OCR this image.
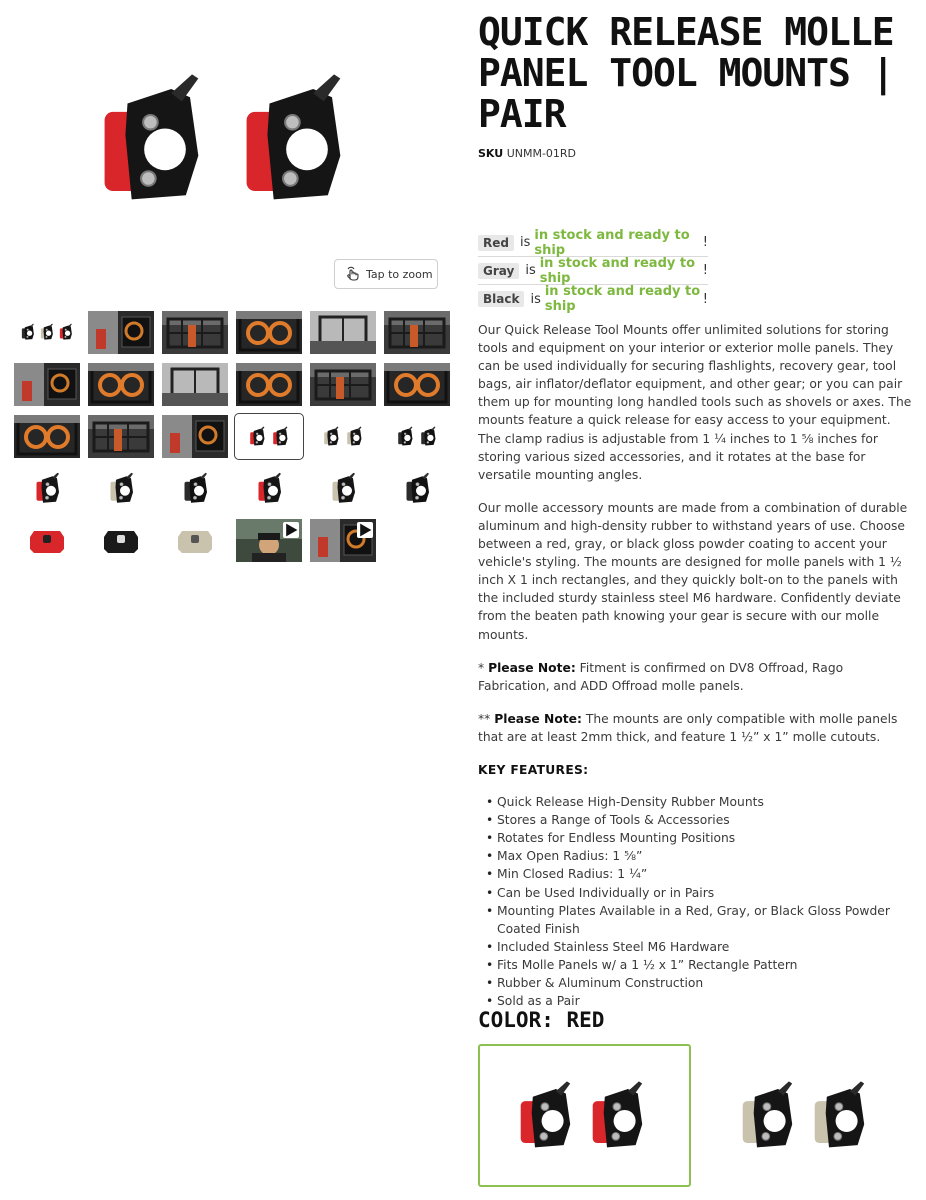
Tap to zoom
QUICK RELEASE MOLLE PANEL TOOL MOUNTS | PAIR
SKU UNMM-01RD
Red is in stock and ready to ship	!
Gray is in stock and ready to ship	!
Black is in stock and ready to ship	!

Our Quick Release Tool Mounts offer unlimited solutions for storing tools and equipment on your interior or exterior molle panels. They can be used individually for securing flashlights, recovery gear, tool bags, air inflator/deflator equipment, and other gear; or you can pair them up for mounting long handled tools such as shovels or axes. The mounts feature a quick release for easy access to your equipment. The clamp radius is adjustable from 1 ¼ inches to 1 ⅝ inches for storing various sized accessories, and it rotates at the base for versatile mounting angles.

Our molle accessory mounts are made from a combination of durable aluminum and high-density rubber to withstand years of use. Choose between a red, gray, or black gloss powder coating to accent your vehicle's styling. The mounts are designed for molle panels with 1 ½ inch X 1 inch rectangles, and they quickly bolt-on to the panels with the included sturdy stainless steel M6 hardware. Confidently deviate from the beaten path knowing your gear is secure with our molle mounts.

* Please Note: Fitment is confirmed on DV8 Offroad, Rago Fabrication, and ADD Offroad molle panels.

** Please Note: The mounts are only compatible with molle panels that are at least 2mm thick, and feature 1 ½” x 1” molle cutouts.

KEY FEATURES:
• Quick Release High-Density Rubber Mounts
• Stores a Range of Tools & Accessories
• Rotates for Endless Mounting Positions
• Max Open Radius: 1 ⅝”
• Min Closed Radius: 1 ¼”
• Can be Used Individually or in Pairs
• Mounting Plates Available in a Red, Gray, or Black Gloss Powder Coated Finish
• Included Stainless Steel M6 Hardware
• Fits Molle Panels w/ a 1 ½ x 1” Rectangle Pattern
• Rubber & Aluminum Construction
• Sold as a Pair
COLOR: RED
